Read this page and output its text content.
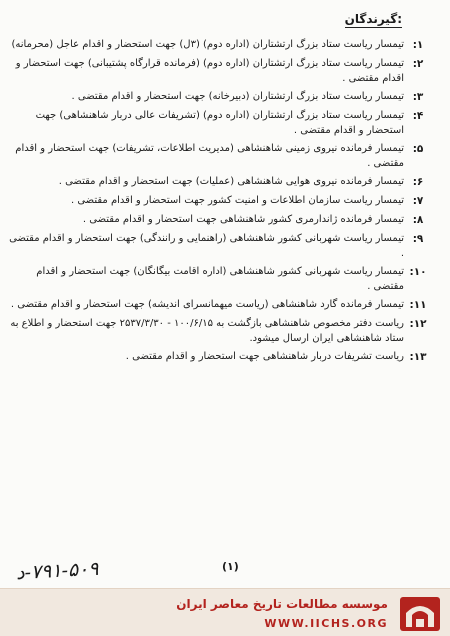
گیرندگان:
۱:
تیمسار ریاست ستاد بزرگ ارتشتاران (اداره دوم) (۳ل) جهت استحضار و اقدام عاجل (محرمانه)
۲:
تیمسار ریاست ستاد بزرگ ارتشتاران (اداره دوم) (فرمانده قرارگاه پشتیبانی) جهت استحضار و اقدام مقتضی .
۳:
تیمسار ریاست ستاد بزرگ ارتشتاران (دبیرخانه) جهت استحضار و اقدام مقتضی .
۴:
تیمسار ریاست ستاد بزرگ ارتشتاران (اداره دوم) (تشریفات عالی دربار شاهنشاهی) جهت استحضار و اقدام مقتضی .
۵:
تیمسار فرمانده نیروی زمینی شاهنشاهی (مدیریت اطلاعات، تشریفات) جهت استحضار و اقدام مقتضی .
۶:
تیمسار فرمانده نیروی هوایی شاهنشاهی (عملیات) جهت استحضار و اقدام مقتضی .
۷:
تیمسار ریاست سازمان اطلاعات و امنیت کشور جهت استحضار و اقدام مقتضی .
۸:
تیمسار فرمانده ژاندارمری کشور شاهنشاهی جهت استحضار و اقدام مقتضی .
۹:
تیمسار ریاست شهربانی کشور شاهنشاهی (راهنمایی و رانندگی) جهت استحضار و اقدام مقتضی .
۱۰:
تیمسار ریاست شهربانی کشور شاهنشاهی (اداره اقامت بیگانگان) جهت استحضار و اقدام مقتضی .
۱۱:
تیمسار فرمانده گارد شاهنشاهی (ریاست میهمانسرای اندیشه) جهت استحضار و اقدام مقتضی .
۱۲:
ریاست دفتر مخصوص شاهنشاهی بازگشت به ۱۰۰/۶/۱۵ - ۲۵۳۷/۳/۳۰ جهت استحضار و اطلاع به ستاد شاهنشاهی ایران ارسال میشود.
۱۳:
ریاست تشریفات دربار شاهنشاهی جهت استحضار و اقدام مقتضی .
(۱)
۷۹۱-۵۰۹-د
موسسه مطالعات تاریخ معاصر ایران
WWW.IICHS.ORG
